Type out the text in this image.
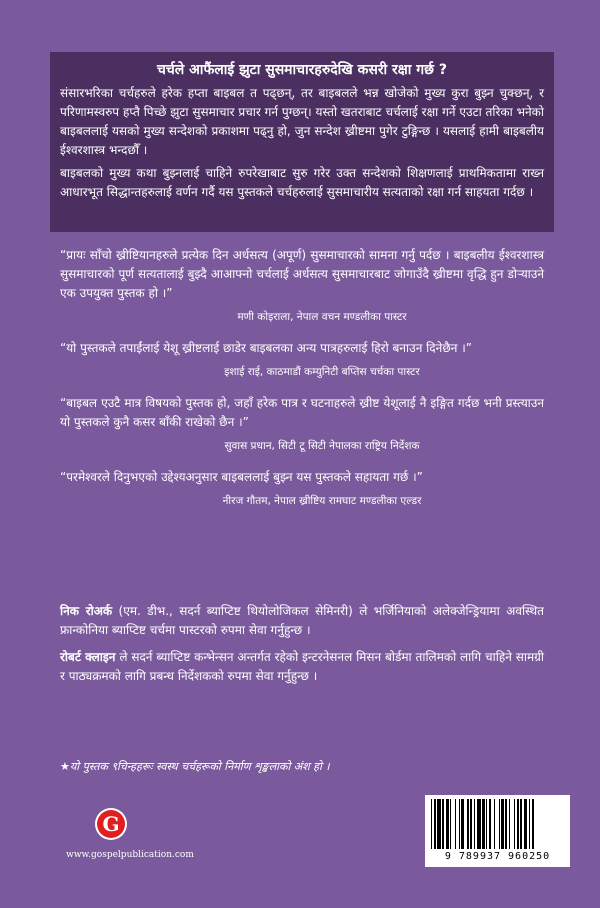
चर्चले आफैंलाई झुटा सुसमाचारहरुदेखि कसरी रक्षा गर्छ ?

संसारभरिका चर्चहरुले हरेक हप्ता बाइबल त पढ्छन्, तर बाइबलले भन्न खोजेको मुख्य कुरा बुझ्न चुक्छन्, र परिणामस्वरुप हप्तै पिच्छे झुटा सुसमाचार प्रचार गर्न पुग्छन्। यस्तो खतराबाट चर्चलाई रक्षा गर्ने एउटा तरिका भनेको बाइबललाई यसको मुख्य सन्देशको प्रकाशमा पढ्नु हो, जुन सन्देश ख्रीष्टमा पुगेर टुङ्गिन्छ । यसलाई हामी बाइबलीय ईश्वरशास्त्र भन्दछौँ ।

बाइबलको मुख्य कथा बुझ्नलाई चाहिने रुपरेखाबाट सुरु गरेर उक्त सन्देशको शिक्षणलाई प्राथमिकतामा राख्न आधारभूत सिद्धान्तहरुलाई वर्णन गर्दै यस पुस्तकले चर्चहरुलाई सुसमाचारीय सत्यताको रक्षा गर्न साहयता गर्दछ ।

“प्रायः साँचो ख्रीष्टियानहरुले प्रत्येक दिन अर्धसत्य (अपूर्ण) सुसमाचारको सामना गर्नु पर्दछ । बाइबलीय ईश्वरशास्त्र सुसमाचारको पूर्ण सत्यतालाई बुझ्दै आआफ्नो चर्चलाई अर्धसत्य सुसमाचारबाट जोगाउँदै ख्रीष्टमा वृद्धि हुन डोऱ्याउने एक उपयुक्त पुस्तक हो ।”

मणी कोइराला, नेपाल वचन मण्डलीका पास्टर

“यो पुस्तकले तपाईंलाई येशू ख्रीष्टलाई छाडेर बाइबलका अन्य पात्रहरुलाई हिरो बनाउन दिनेछैन ।”

इशाई राई, काठमाडौं कम्युनिटी बप्तिस चर्चका पास्टर

“बाइबल एउटै मात्र विषयको पुस्तक हो, जहाँ हरेक पात्र र घटनाहरुले ख्रीष्ट येशूलाई नै इङ्गित गर्दछ भनी प्रस्त्याउन यो पुस्तकले कुनै कसर बाँकी राखेको छैन ।”

सुवास प्रधान, सिटी टू सिटी नेपालका राष्ट्रिय निर्देशक

“परमेश्वरले दिनुभएको उद्देश्यअनुसार बाइबललाई बुझ्न यस पुस्तकले सहायता गर्छ ।”

नीरज गौतम, नेपाल ख्रीष्टिय रामघाट मण्डलीका एल्डर

निक रोअर्क (एम. डीभ., सदर्न ब्याप्टिष्ट थियोलोजिकल सेमिनरी) ले भर्जिनियाको अलेक्जेन्ड्रियामा अवस्थित फ्रान्कोनिया ब्याप्टिष्ट चर्चमा पास्टरको रुपमा सेवा गर्नुहुन्छ ।

रोबर्ट क्लाइन ले सदर्न ब्याप्टिष्ट कन्भेन्सन अन्तर्गत रहेको इन्टरनेसनल मिसन बोर्डमा तालिमको लागि चाहिने सामग्री र पाठ्यक्रमको लागि प्रबन्ध निर्देशकको रुपमा सेवा गर्नुहुन्छ ।

★यो पुस्तक ९चिन्हहरूः स्वस्थ चर्चहरूको निर्माण शृङ्खलाको अंश हो ।

G
www.gospelpublication.com	9 789937 960250
